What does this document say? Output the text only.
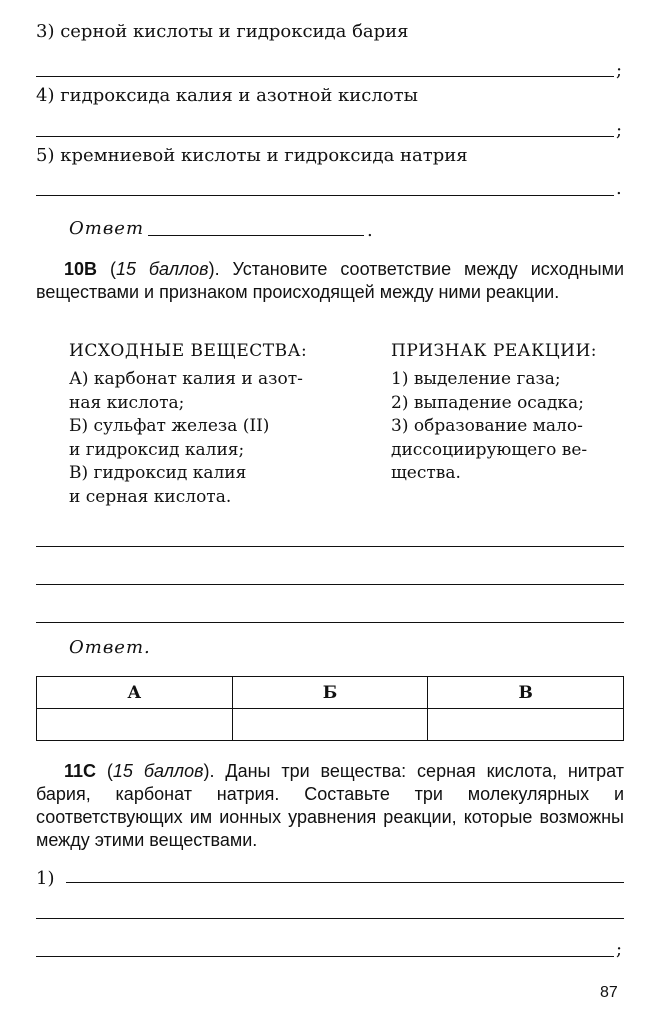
3) серной кислоты и гидроксида бария
;
4) гидроксида калия и азотной кислоты
;
5) кремниевой кислоты и гидроксида натрия
.
Ответ	.
10В (15 баллов). Установите соответствие между исходными веществами и признаком происходящей между ними реакции.
ИСХОДНЫЕ ВЕЩЕСТВА:	ПРИЗНАК РЕАКЦИИ:
А) карбонат калия и азот-
ная кислота;
Б) сульфат железа (II)
и гидроксид калия;
В) гидроксид калия
и серная кислота.
1) выделение газа;
2) выпадение осадка;
3) образование мало-
диссоциирующего ве-
щества.
Ответ.
А	Б	В

11С (15 баллов). Даны три вещества: серная кислота, нитрат бария, карбонат натрия. Составьте три молекулярных и соответствующих им ионных уравнения реакции, которые возможны между этими веществами.
1)
;
87
